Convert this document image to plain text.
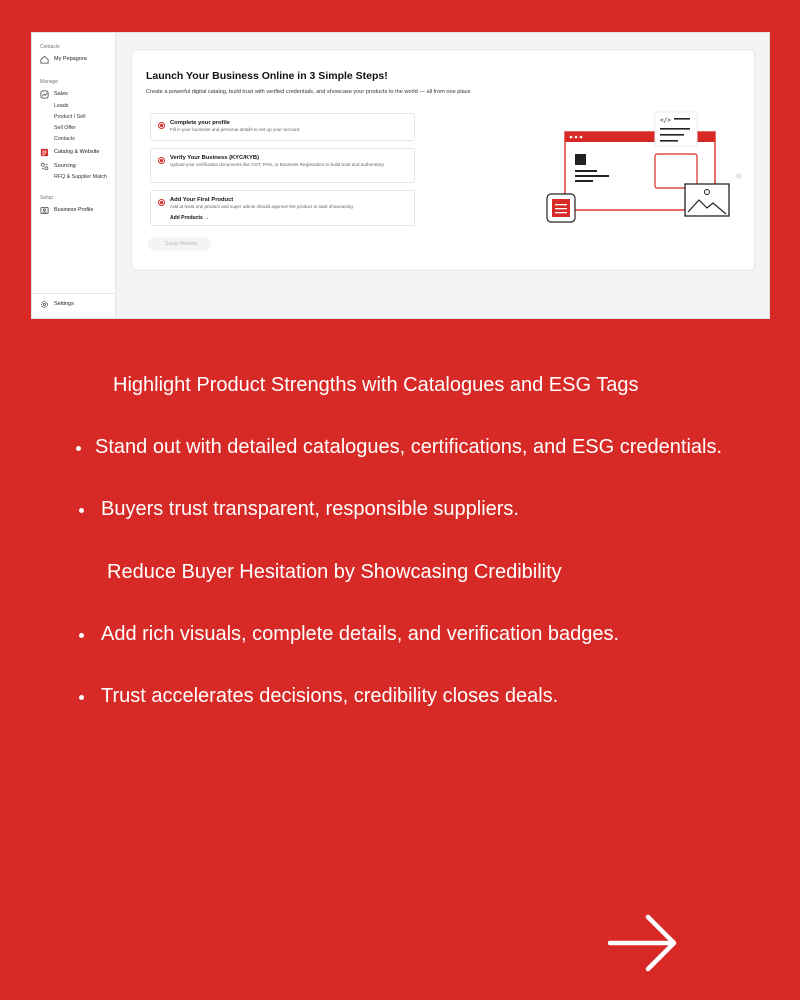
Contacts
My Pepagora
Manage
Sales
Leads
Product I Sell
Sell Offer
Contacts
Catalog & Website
Sourcing
RFQ & Supplier Match
Setup
Business Profile
Settings
Launch Your Business Online in 3 Simple Steps!
Create a powerful digital catalog, build trust with verified credentials, and showcase your products to the world — all from one place
Complete your profile
Fill in your business and personal details to set up your account.
Verify Your Business (KYC/KYB)
Upload your verification documents like GST, PAN, or Business Registration to build trust and authenticity.
Add Your First Product
Add at least one product and super admin should approve the product to start showcasing.
Add Products →
Setup Website
</>
Highlight Product Strengths with Catalogues and ESG Tags
Stand out with detailed catalogues, certifications, and ESG credentials.
Buyers trust transparent, responsible suppliers.
Reduce Buyer Hesitation by Showcasing Credibility
Add rich visuals, complete details, and verification badges.
Trust accelerates decisions, credibility closes deals.
